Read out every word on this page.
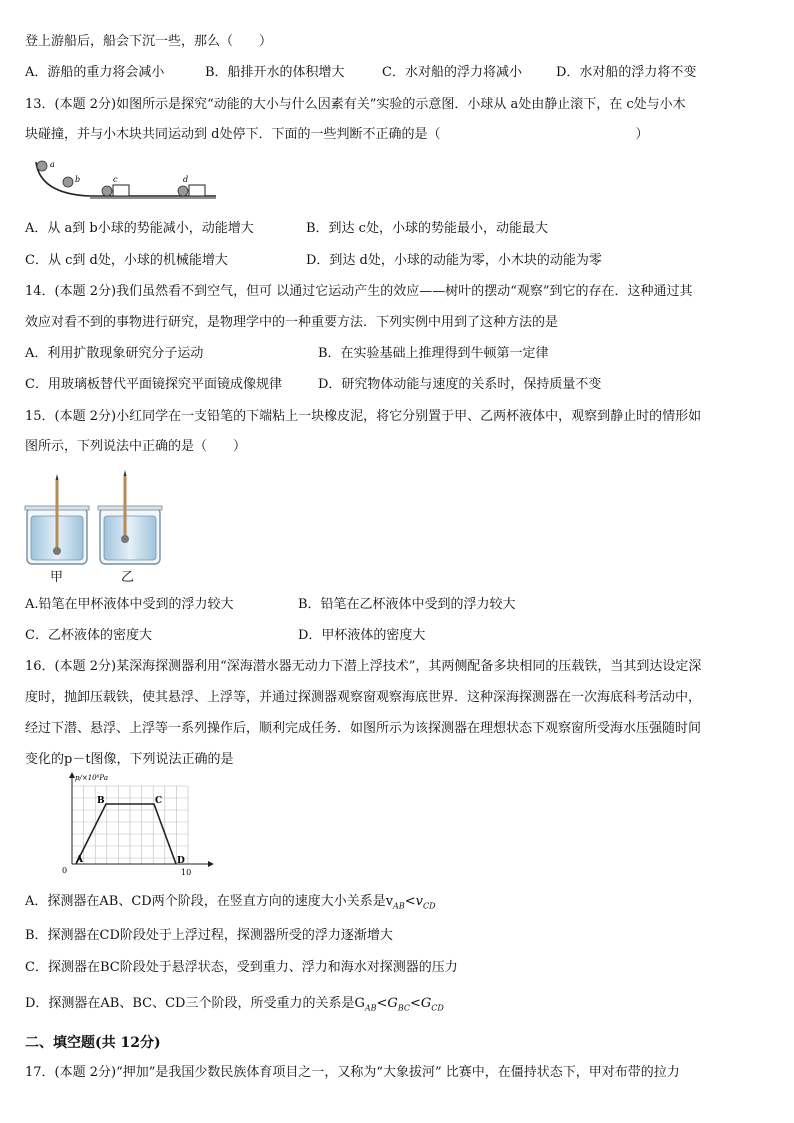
登上游船后，船会下沉一些，那么（　　）
A．游船的重力将会减小	B．船排开水的体积增大	C．水对船的浮力将减小	D．水对船的浮力将不变
13．(本题 2分)如图所示是探究“动能的大小与什么因素有关”实验的示意图．小球从 a处由静止滚下，在 c处与小木
块碰撞，并与小木块共同运动到 d处停下．下面的一些判断不正确的是（　　　　　　　　　　　　　　　）
a
b	c	d
A．从 a到 b小球的势能减小，动能增大	B．到达 c处，小球的势能最小，动能最大
C．从 c到 d处，小球的机械能增大	D．到达 d处，小球的动能为零，小木块的动能为零
14．(本题 2分)我们虽然看不到空气，但可 以通过它运动产生的效应——树叶的摆动“观察”到它的存在．这种通过其
效应对看不到的事物进行研究，是物理学中的一种重要方法．下列实例中用到了这种方法的是
A．利用扩散现象研究分子运动	B．在实验基础上推理得到牛顿第一定律
C．用玻璃板替代平面镜探究平面镜成像规律	D．研究物体动能与速度的关系时，保持质量不变
15．(本题 2分)小红同学在一支铅笔的下端粘上一块橡皮泥，将它分别置于甲、乙两杯液体中，观察到静止时的情形如
图所示，下列说法中正确的是（　　）
甲	乙
A.铅笔在甲杯液体中受到的浮力较大	B．铅笔在乙杯液体中受到的浮力较大
C．乙杯液体的密度大	D．甲杯液体的密度大
16．(本题 2分)某深海探测器利用“深海潜水器无动力下潜上浮技术”，其两侧配备多块相同的压载铁，当其到达设定深
度时，抛卸压载铁，使其悬浮、上浮等，并通过探测器观察窗观察海底世界．这种深海探测器在一次海底科考活动中，
经过下潜、悬浮、上浮等一系列操作后，顺利完成任务．如图所示为该探测器在理想状态下观察窗所受海水压强随时间
变化的p－t图像，下列说法正确的是
p/×10⁶Pa
0	10
A
B	C
D
A．探测器在AB、CD两个阶段，在竖直方向的速度大小关系是$v_{AB}<v_{CD}$
B．探测器在CD阶段处于上浮过程，探测器所受的浮力逐渐增大
C．探测器在BC阶段处于悬浮状态，受到重力、浮力和海水对探测器的压力
D．探测器在AB、BC、CD三个阶段，所受重力的关系是$G_{AB}<G_{BC}<G_{CD}$
二、填空题(共 12分)
17．(本题 2分)“押加”是我国少数民族体育项目之一，又称为“大象拔河” 比赛中，在僵持状态下，甲对布带的拉力
